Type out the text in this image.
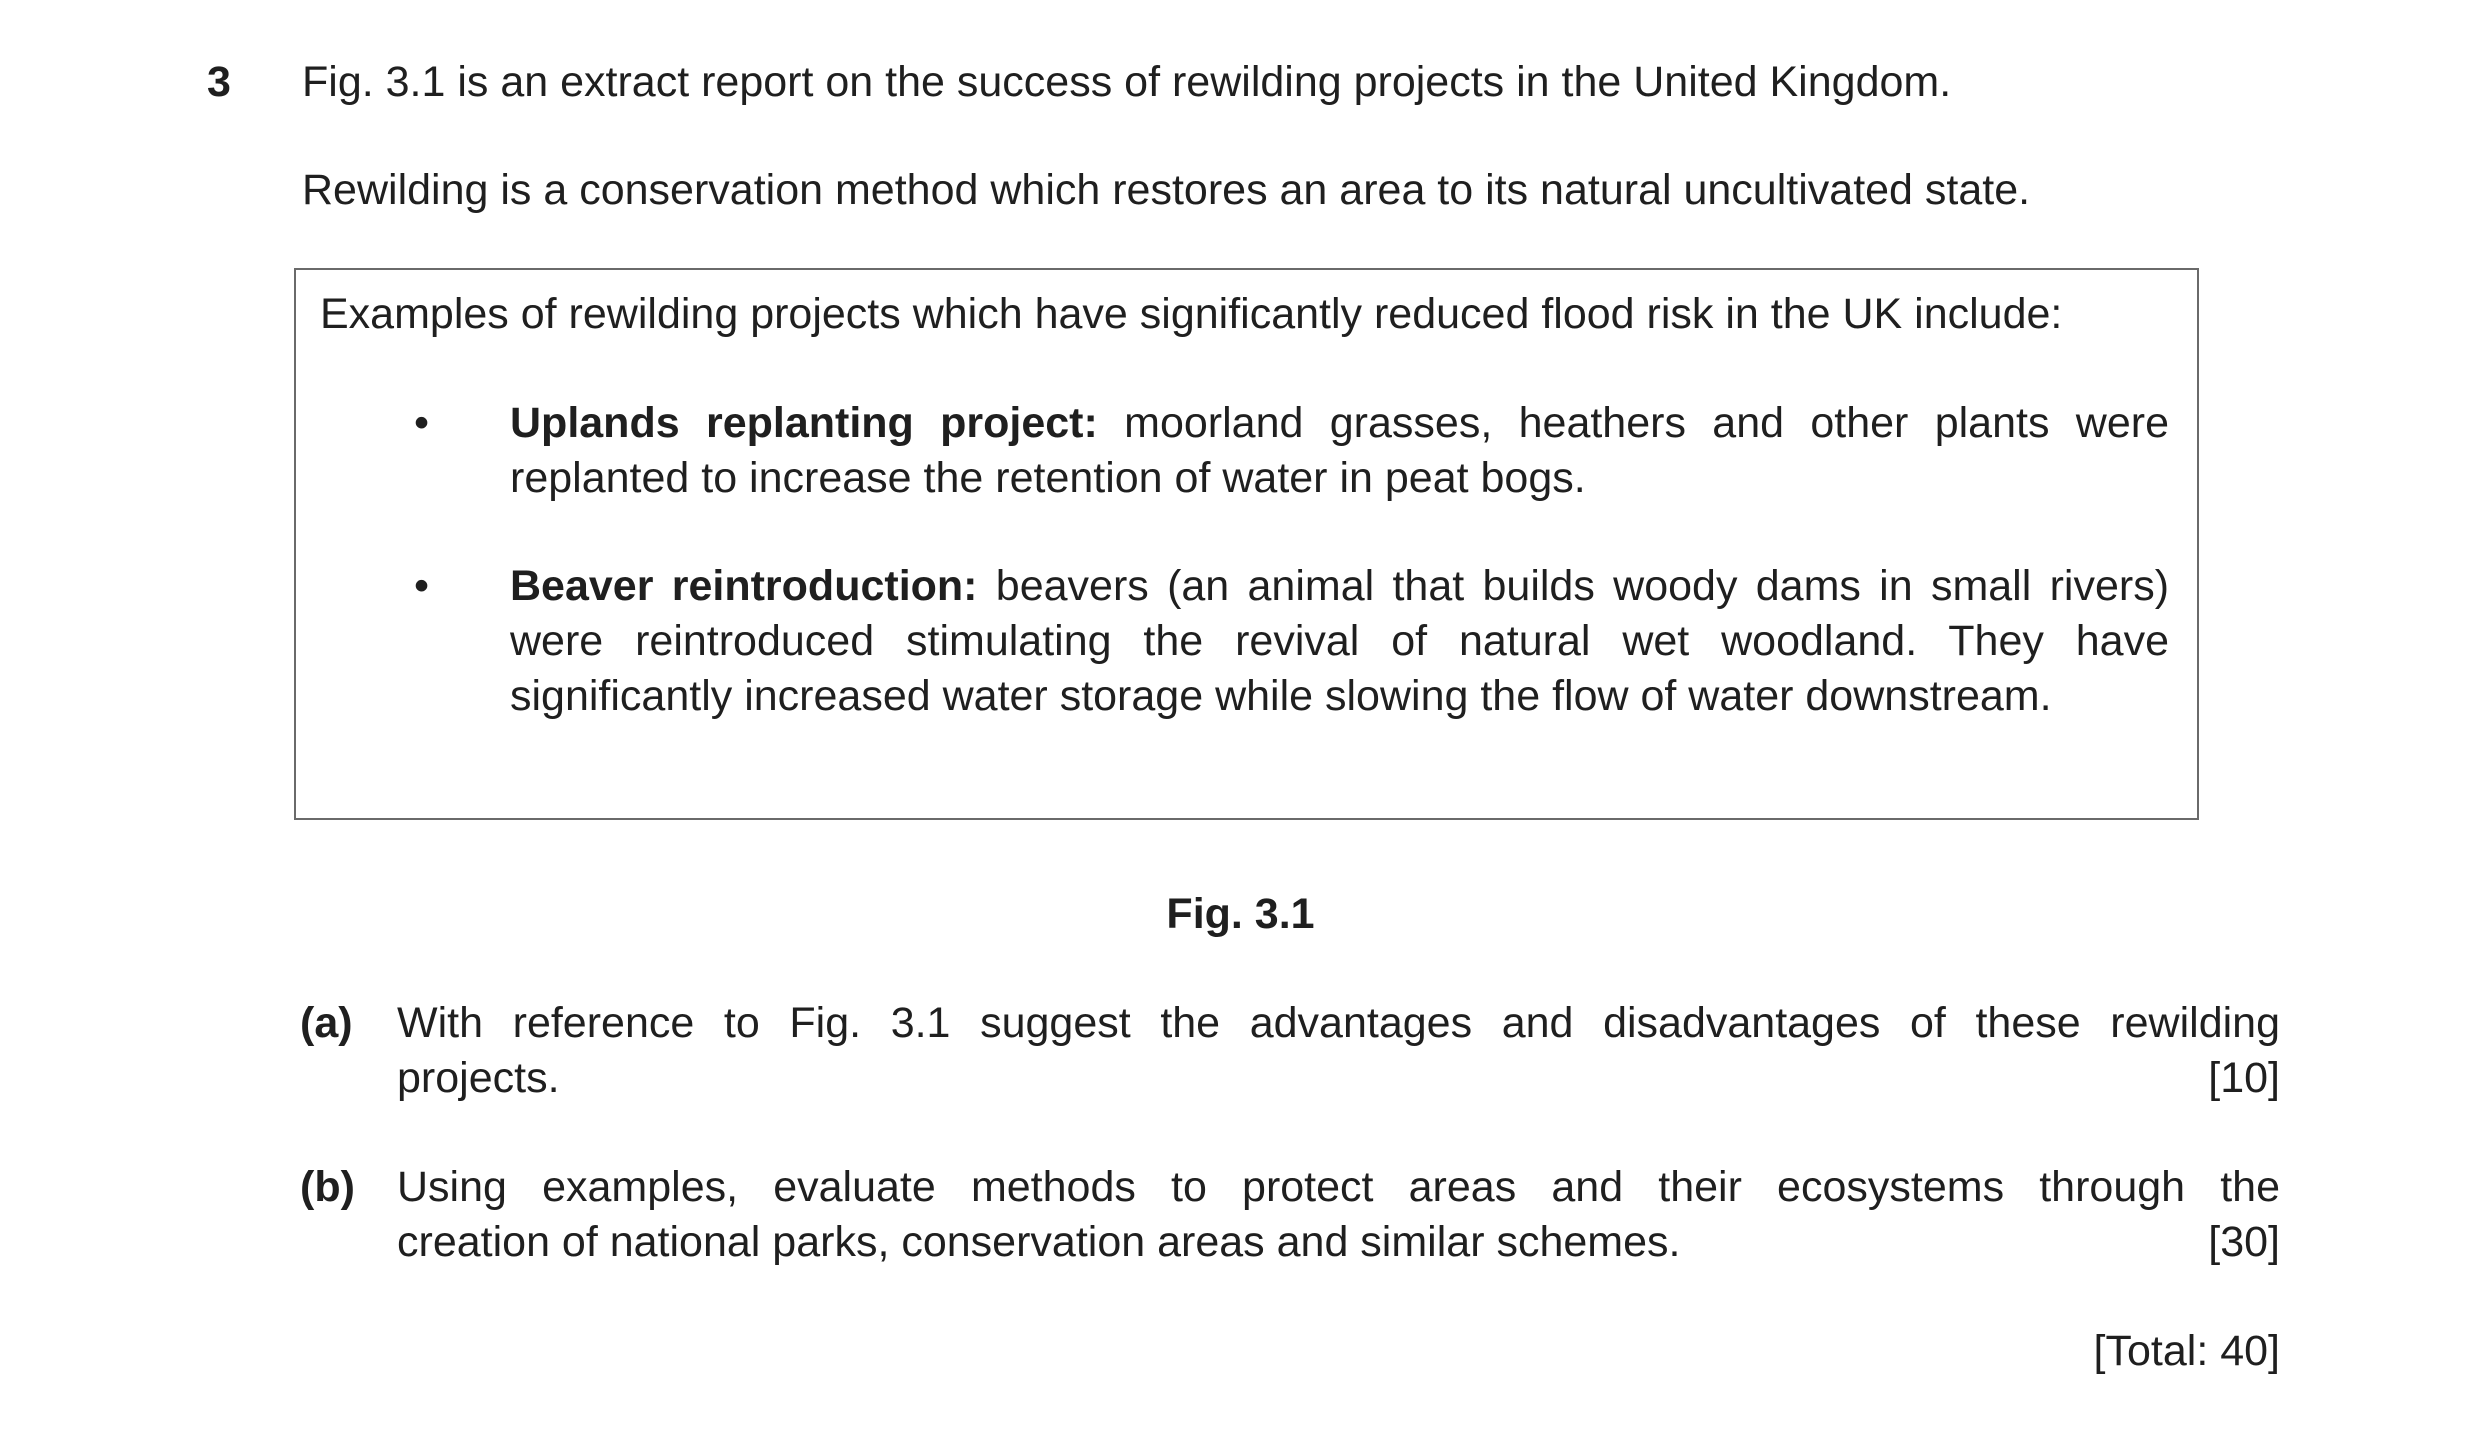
3 Fig. 3.1 is an extract report on the success of rewilding projects in the United Kingdom.
Rewilding is a conservation method which restores an area to its natural uncultivated state.
Examples of rewilding projects which have significantly reduced flood risk in the UK include:
• Uplands replanting project: moorland grasses, heathers and other plants were replanted to increase the retention of water in peat bogs.
• Beaver reintroduction: beavers (an animal that builds woody dams in small rivers) were reintroduced stimulating the revival of natural wet woodland. They have significantly increased water storage while slowing the flow of water downstream.
Fig. 3.1
(a) With reference to Fig. 3.1 suggest the advantages and disadvantages of these rewilding
projects.	[10]
(b) Using examples, evaluate methods to protect areas and their ecosystems through the
creation of national parks, conservation areas and similar schemes.	[30]
[Total: 40]
